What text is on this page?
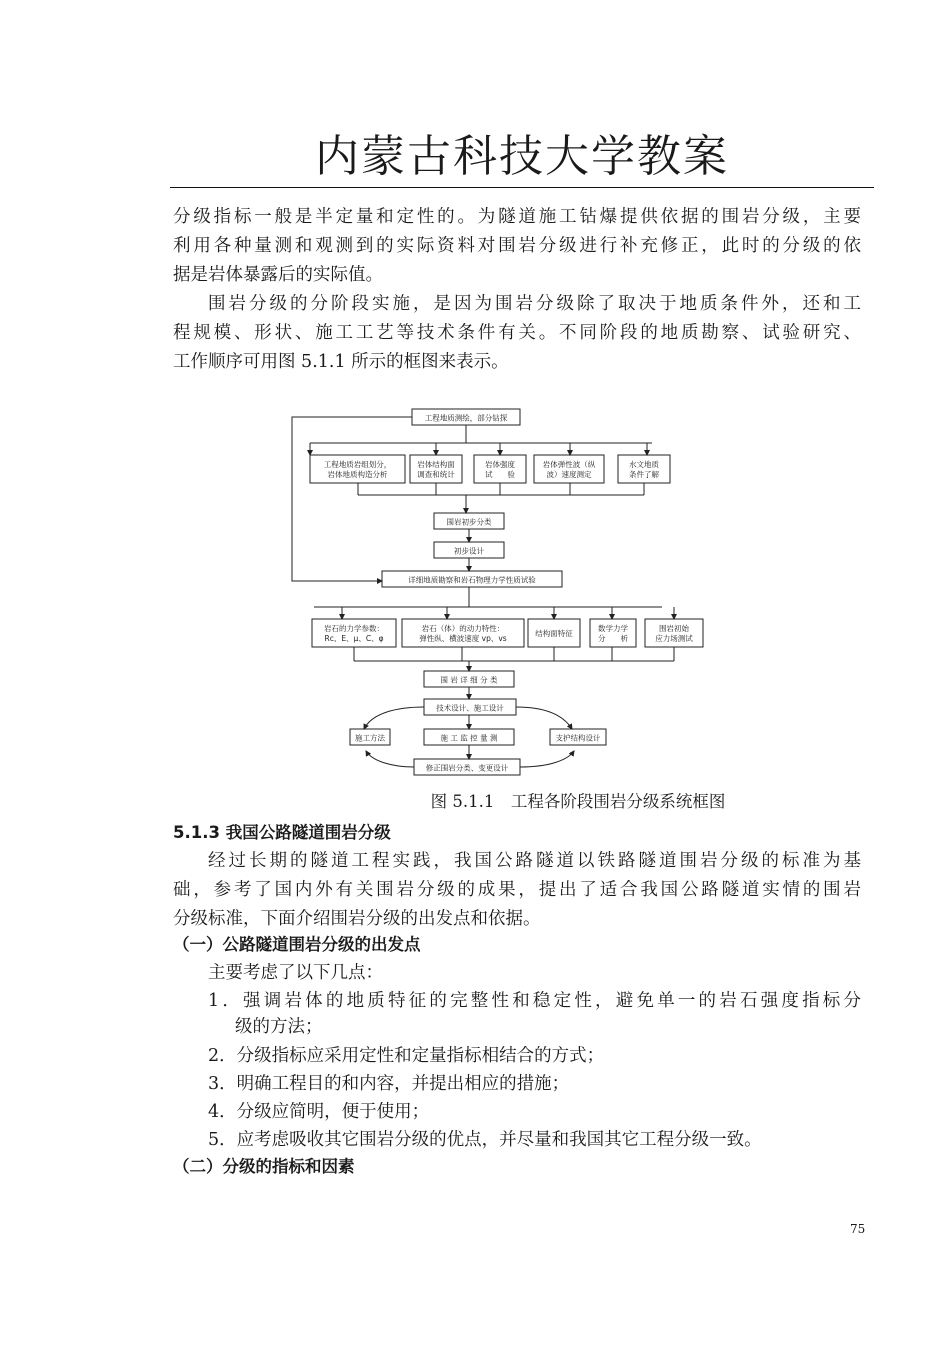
内蒙古科技大学教案
分级指标一般是半定量和定性的。为隧道施工钻爆提供依据的围岩分级，主要
利用各种量测和观测到的实际资料对围岩分级进行补充修正，此时的分级的依
据是岩体暴露后的实际值。
围岩分级的分阶段实施，是因为围岩分级除了取决于地质条件外，还和工
程规模、形状、施工工艺等技术条件有关。不同阶段的地质勘察、试验研究、
工作顺序可用图 5.1.1 所示的框图来表示。
工程地质测绘，部分钻探
工程地质岩组划分，
岩体地质构造分析
岩体结构面
调查和统计
岩体强度
试　　验
岩体弹性波（纵
波）速度测定
水文地质
条件了解
围岩初步分类
初步设计
详细地质勘察和岩石物理力学性质试验
岩石的力学参数：
Rc、E、μ、C、φ
岩石（体）的动力特性：
弹性纵、横波速度 vp、vs
结构面特征
数学力学
分　　析
围岩初始
应力场测试
围 岩 详 细 分 类
技术设计、施工设计
施工方法	施 工 监 控 量 测	支护结构设计
修正围岩分类、变更设计
图 5.1.1　工程各阶段围岩分级系统框图
5.1.3 我国公路隧道围岩分级
经过长期的隧道工程实践，我国公路隧道以铁路隧道围岩分级的标准为基
础，参考了国内外有关围岩分级的成果，提出了适合我国公路隧道实情的围岩
分级标准，下面介绍围岩分级的出发点和依据。
（一）公路隧道围岩分级的出发点
主要考虑了以下几点：
1．强调岩体的地质特征的完整性和稳定性，避免单一的岩石强度指标分
级的方法；
2．分级指标应采用定性和定量指标相结合的方式；
3．明确工程目的和内容，并提出相应的措施；
4．分级应简明，便于使用；
5．应考虑吸收其它围岩分级的优点，并尽量和我国其它工程分级一致。
（二）分级的指标和因素
75
